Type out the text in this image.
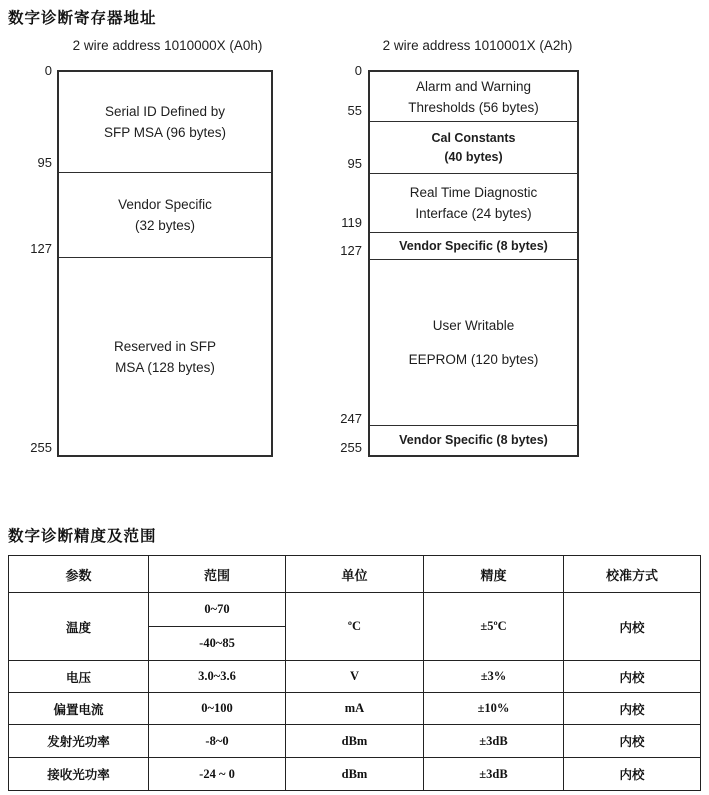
数字诊断寄存器地址
2 wire address 1010000X (A0h)	2 wire address 1010001X (A2h)
Serial ID Defined by
SFP MSA (96 bytes)
Vendor Specific
(32 bytes)
Reserved in SFP
MSA (128 bytes)
0
95
127
255
Alarm and Warning
Thresholds (56 bytes)
Cal Constants
(40 bytes)
Real Time Diagnostic
Interface (24 bytes)
Vendor Specific (8 bytes)
User Writable
EEPROM (120 bytes)
Vendor Specific (8 bytes)
0
55
95
119
127
247
255
数字诊断精度及范围
参数	范围	单位	精度	校准方式
温度	0~70	ºC	±5ºC	内校
	-40~85			
电压	3.0~3.6	V	±3%	内校
偏置电流	0~100	mA	±10%	内校
发射光功率	-8~0	dBm	±3dB	内校
接收光功率	-24 ~ 0	dBm	±3dB	内校
